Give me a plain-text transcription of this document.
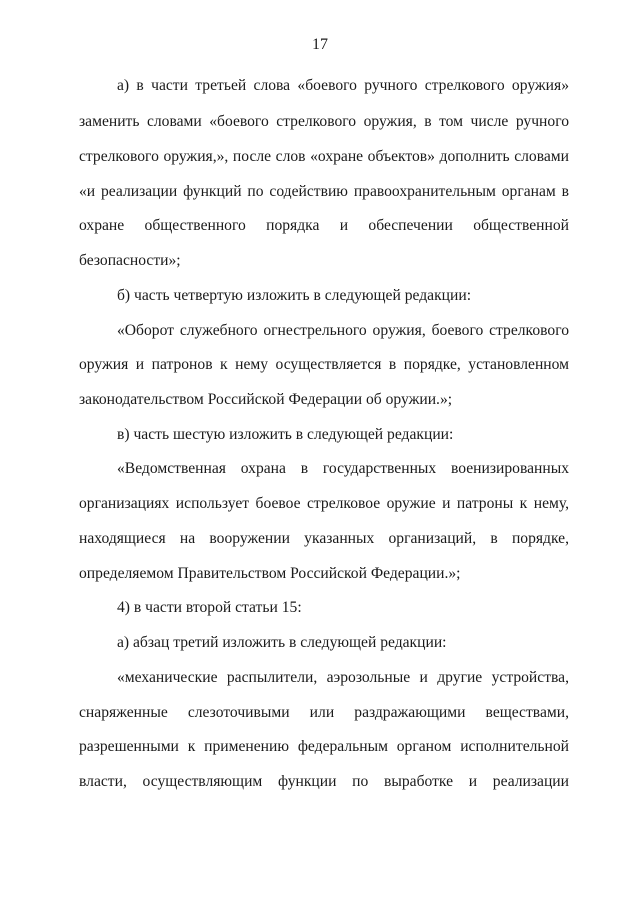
17
а) в части третьей слова «боевого ручного стрелкового оружия»
заменить словами «боевого стрелкового оружия, в том числе ручного
стрелкового оружия,», после слов «охране объектов» дополнить словами
«и реализации функций по содействию правоохранительным органам в
охране общественного порядка и обеспечении общественной
безопасности»;
б) часть четвертую изложить в следующей редакции:
«Оборот служебного огнестрельного оружия, боевого стрелкового
оружия и патронов к нему осуществляется в порядке, установленном
законодательством Российской Федерации об оружии.»;
в) часть шестую изложить в следующей редакции:
«Ведомственная охрана в государственных военизированных
организациях использует боевое стрелковое оружие и патроны к нему,
находящиеся на вооружении указанных организаций, в порядке,
определяемом Правительством Российской Федерации.»;
4) в части второй статьи 15:
а) абзац третий изложить в следующей редакции:
«механические распылители, аэрозольные и другие устройства,
снаряженные слезоточивыми или раздражающими веществами,
разрешенными к применению федеральным органом исполнительной
власти, осуществляющим функции по выработке и реализации
